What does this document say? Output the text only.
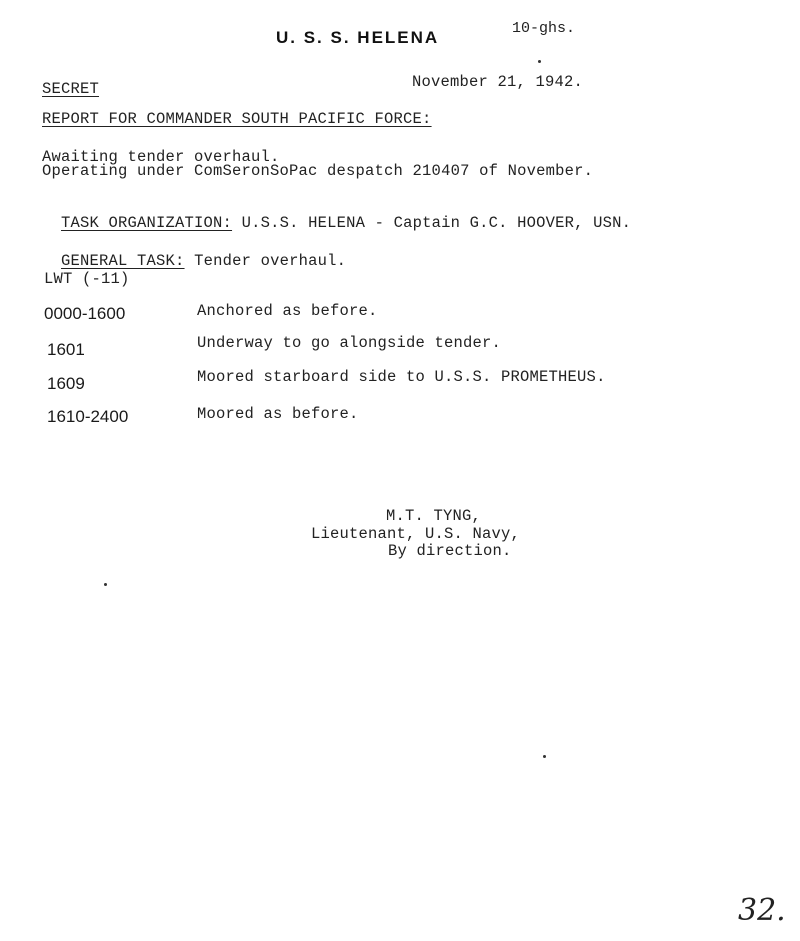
U. S. S. HELENA	10-ghs.
SECRET	November 21, 1942.
REPORT FOR COMMANDER SOUTH PACIFIC FORCE:
Awaiting tender overhaul.
Operating under ComSeronSoPac despatch 210407 of November.

TASK ORGANIZATION: U.S.S. HELENA - Captain G.C. HOOVER, USN.

GENERAL TASK: Tender overhaul.

LWT (-11)
0000-1600	Anchored as before.
1601	Underway to go alongside tender.
1609	Moored starboard side to U.S.S. PROMETHEUS.
1610-2400	Moored as before.
M.T. TYNG,
Lieutenant, U.S. Navy,
By direction.
32.
